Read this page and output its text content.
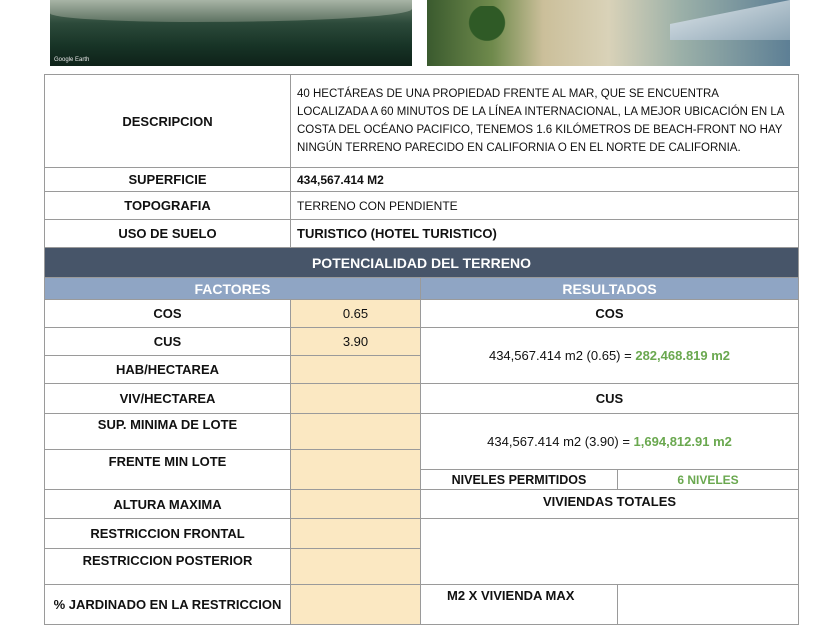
Google Earth
DESCRIPCION	40 HECTÁREAS DE UNA PROPIEDAD FRENTE AL MAR, QUE SE ENCUENTRA LOCALIZADA A 60 MINUTOS DE LA LÍNEA INTERNACIONAL, LA MEJOR UBICACIÓN EN LA COSTA DEL OCÉANO PACIFICO, TENEMOS 1.6 KILÓMETROS DE BEACH-FRONT NO HAY NINGÚN TERRENO PARECIDO EN CALIFORNIA O EN EL NORTE DE CALIFORNIA.
SUPERFICIE	434,567.414 M2
TOPOGRAFIA	TERRENO CON PENDIENTE
USO DE SUELO	TURISTICO (HOTEL TURISTICO)
POTENCIALIDAD DEL TERRENO			
FACTORES		RESULTADOS	
COS	0.65	COS	
CUS	3.90	434,567.414 m2 (0.65) = 282,468.819 m2	
HAB/HECTAREA			
VIV/HECTAREA		CUS	
SUP. MINIMA DE LOTE		434,567.414 m2 (3.90) = 1,694,812.91 m2	
FRENTE MIN LOTE			
		NIVELES PERMITIDOS	6 NIVELES
ALTURA MAXIMA		VIVIENDAS TOTALES	
RESTRICCION FRONTAL			
RESTRICCION POSTERIOR			
% JARDINADO EN LA RESTRICCION		M2 X VIVIENDA MAX	
